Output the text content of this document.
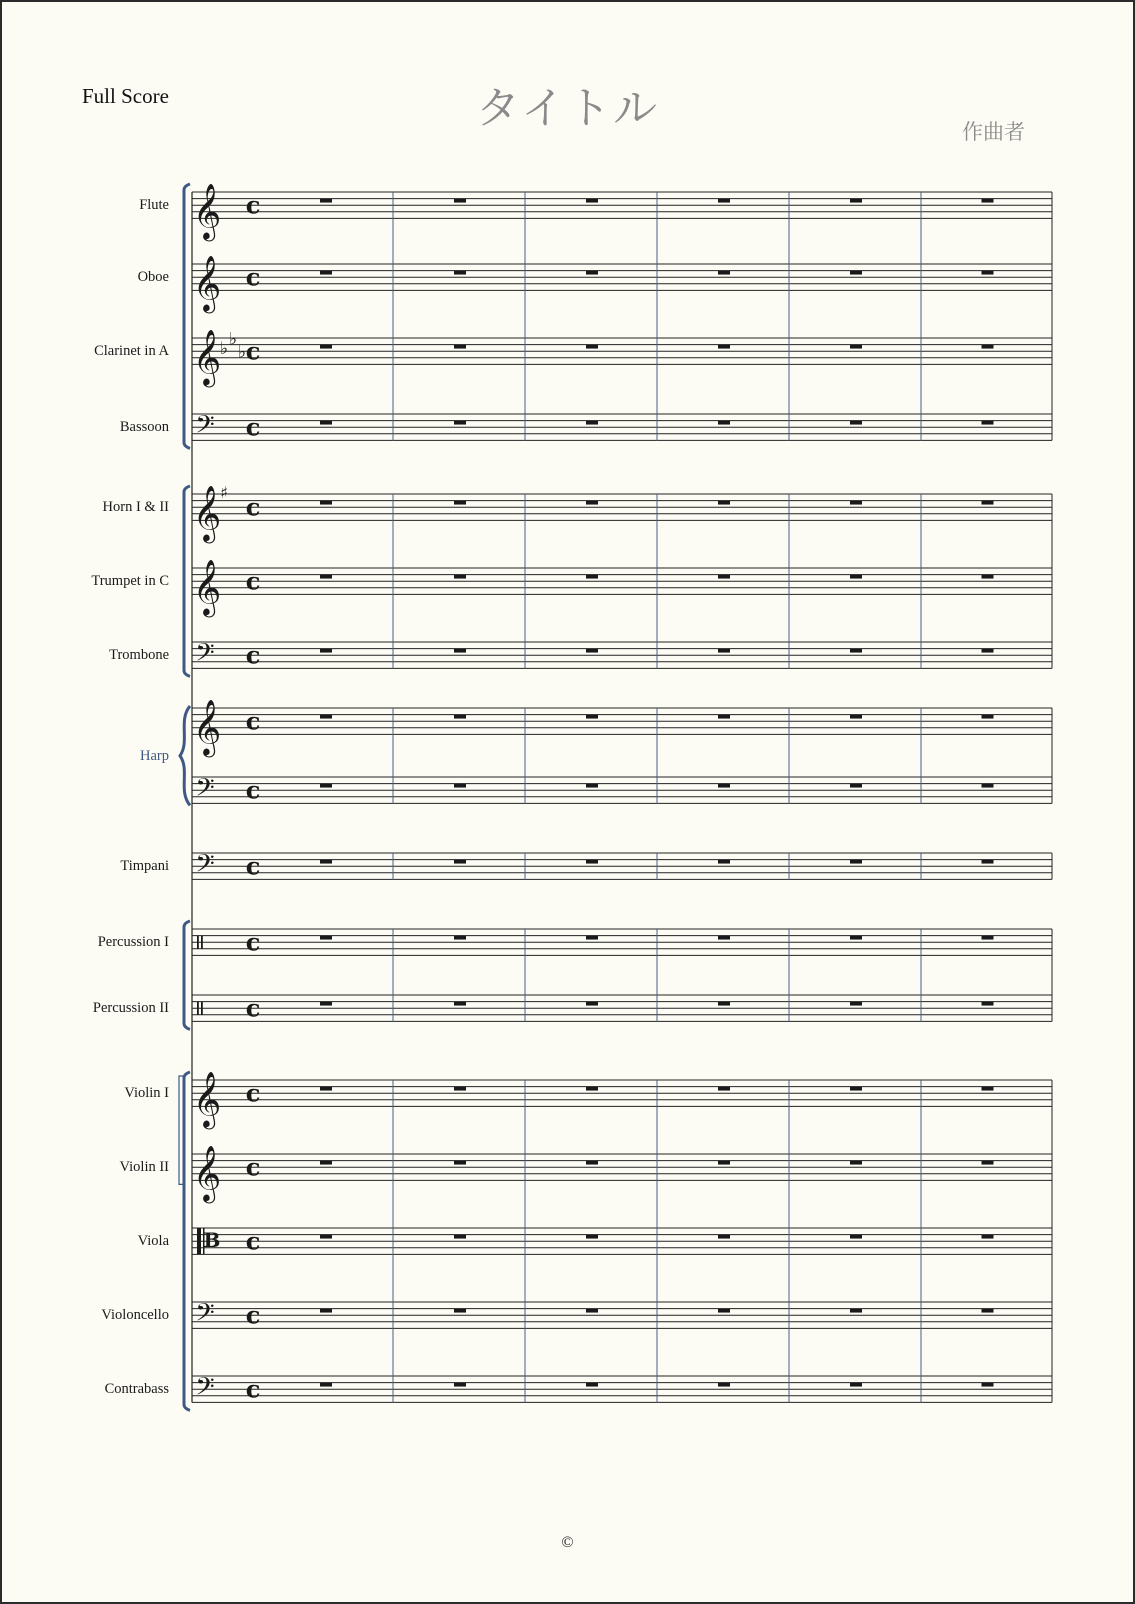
Full Score	タイトル	作曲者
𝄞 c
𝄞 c
𝄞
♭ ♭
♭ c
𝄢 c
𝄞
♯ c
𝄞 c
𝄢 c
𝄞 c
𝄢 c
𝄢 c
c
c
𝄞 c
𝄞 c
B c
𝄢 c
𝄢 c
Flute
Oboe
Clarinet in A
Bassoon
Horn I & II
Trumpet in C
Trombone
Timpani
Percussion I
Percussion II
Violin I
Violin II
Viola
Violoncello
Contrabass
Harp
©
